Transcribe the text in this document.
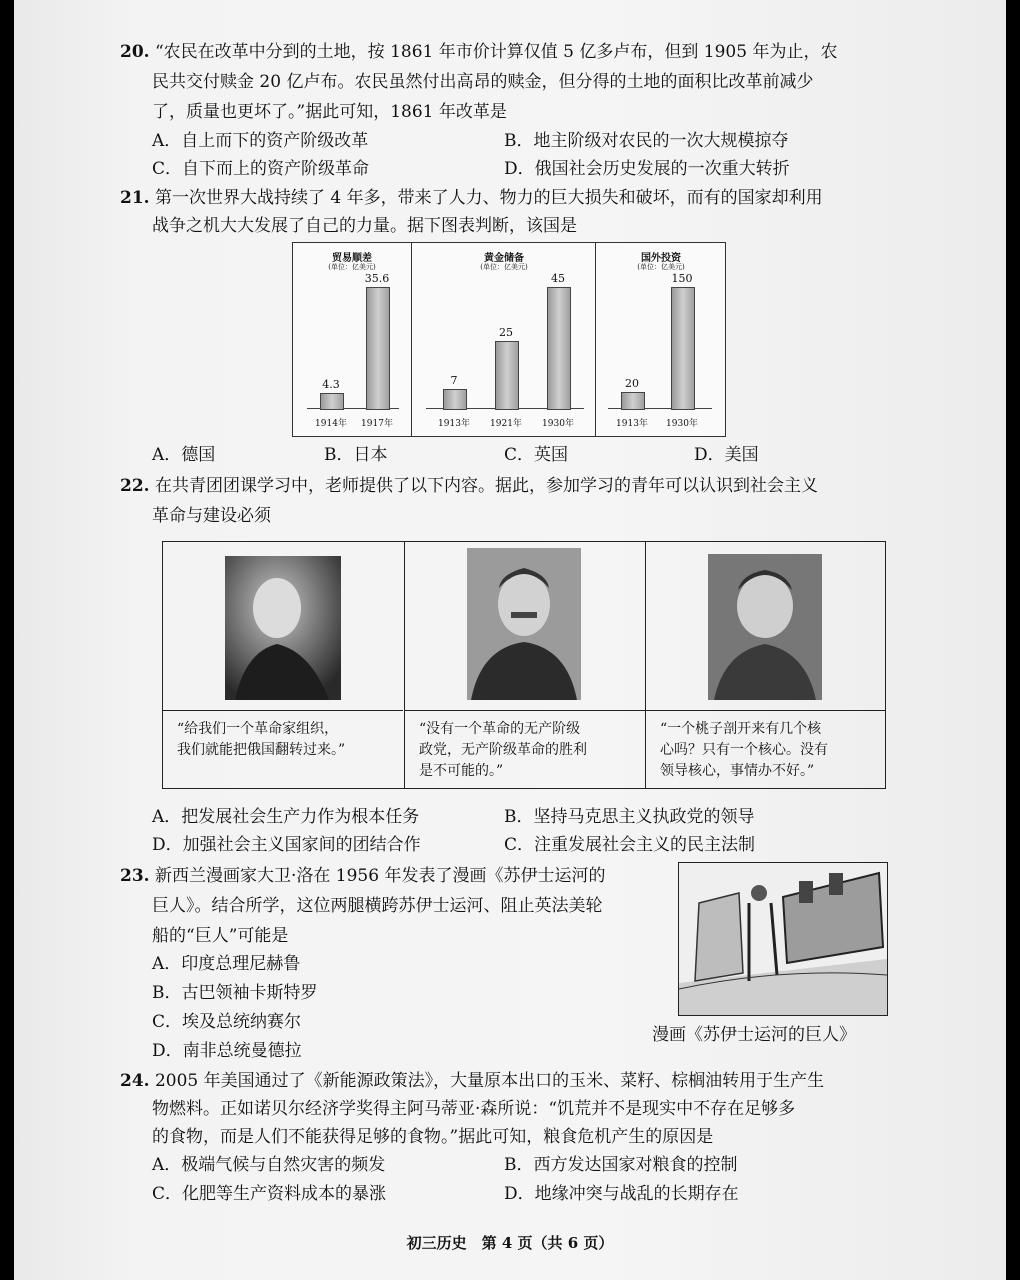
20. “农民在改革中分到的土地，按 1861 年市价计算仅值 5 亿多卢布，但到 1905 年为止，农
民共交付赎金 20 亿卢布。农民虽然付出高昂的赎金，但分得的土地的面积比改革前减少
了，质量也更坏了。”据此可知，1861 年改革是
A．自上而下的资产阶级改革	B．地主阶级对农民的一次大规模掠夺
C．自下而上的资产阶级革命	D．俄国社会历史发展的一次重大转折
21. 第一次世界大战持续了 4 年多，带来了人力、物力的巨大损失和破坏，而有的国家却利用
战争之机大大发展了自己的力量。据下图表判断，该国是
贸易顺差
(单位：亿美元)
4.3
1914年
35.6
1917年
黄金储备
(单位：亿美元)
7
1913年
25
1921年
45
1930年
国外投资
(单位：亿美元)
20
1913年
150
1930年
A．德国	B．日本	C．英国	D．美国
22. 在共青团团课学习中，老师提供了以下内容。据此，参加学习的青年可以认识到社会主义
革命与建设必须
“给我们一个革命家组织，
我们就能把俄国翻转过来。”
“没有一个革命的无产阶级
政党，无产阶级革命的胜利
是不可能的。”
“一个桃子剖开来有几个核
心吗？只有一个核心。没有
领导核心，事情办不好。”
A．把发展社会生产力作为根本任务	B．坚持马克思主义执政党的领导
D．加强社会主义国家间的团结合作	C．注重发展社会主义的民主法制
23. 新西兰漫画家大卫·洛在 1956 年发表了漫画《苏伊士运河的
巨人》。结合所学，这位两腿横跨苏伊士运河、阻止英法美轮
船的“巨人”可能是
A．印度总理尼赫鲁
B．古巴领袖卡斯特罗
C．埃及总统纳赛尔
D．南非总统曼德拉
漫画《苏伊士运河的巨人》
24. 2005 年美国通过了《新能源政策法》，大量原本出口的玉米、菜籽、棕榈油转用于生产生
物燃料。正如诺贝尔经济学奖得主阿马蒂亚·森所说：“饥荒并不是现实中不存在足够多
的食物，而是人们不能获得足够的食物。”据此可知，粮食危机产生的原因是
A．极端气候与自然灾害的频发	B．西方发达国家对粮食的控制
C．化肥等生产资料成本的暴涨	D．地缘冲突与战乱的长期存在
初三历史　第 4 页（共 6 页）
